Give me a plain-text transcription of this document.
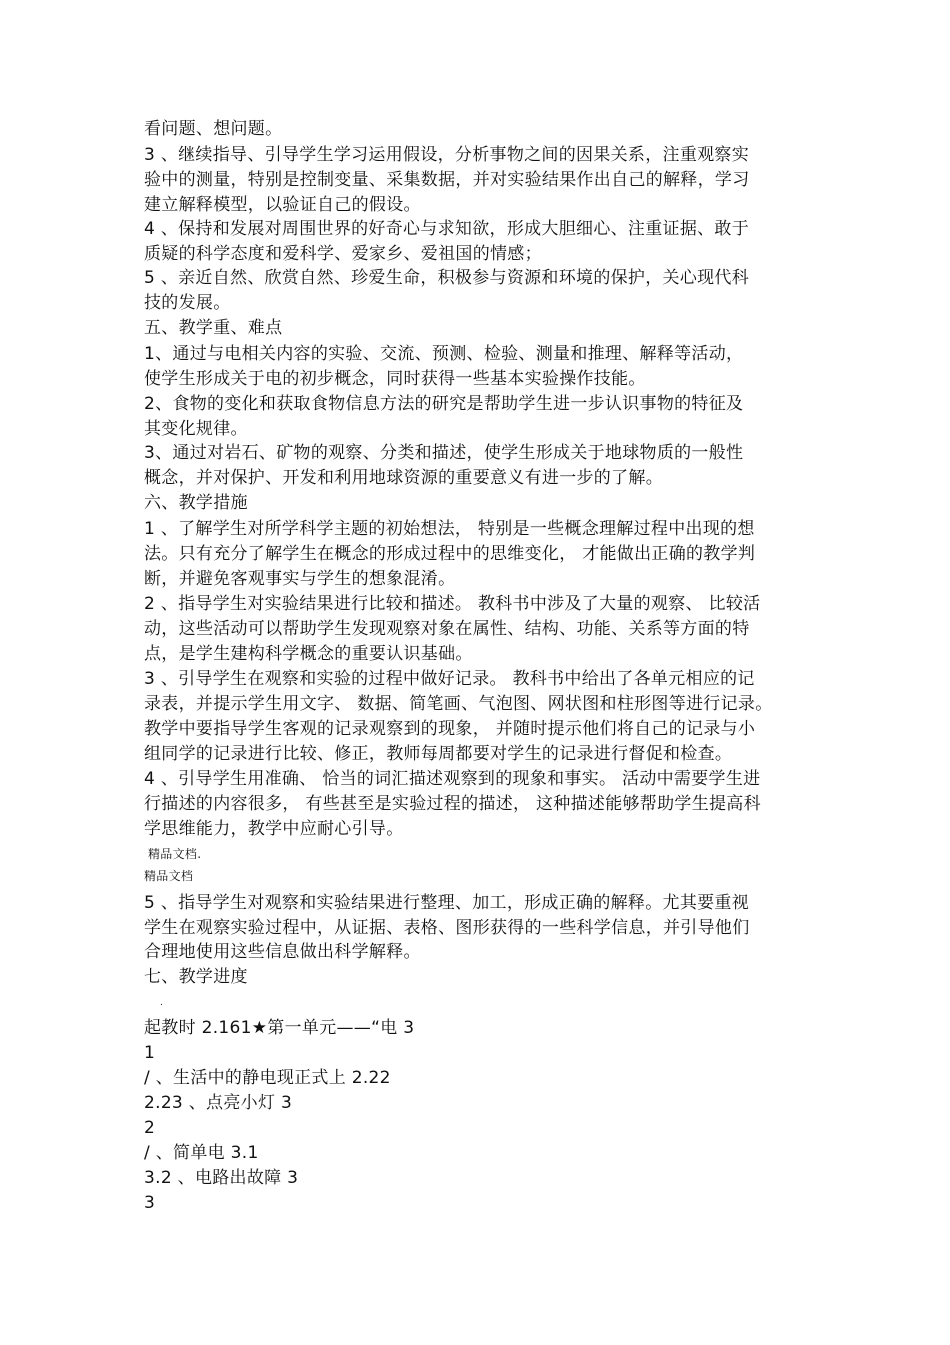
看问题、想问题。
3 、继续指导、引导学生学习运用假设，分析事物之间的因果关系，注重观察实
验中的测量，特别是控制变量、采集数据，并对实验结果作出自己的解释，学习
建立解释模型，以验证自己的假设。
4 、保持和发展对周围世界的好奇心与求知欲，形成大胆细心、注重证据、敢于
质疑的科学态度和爱科学、爱家乡、爱祖国的情感；
5 、亲近自然、欣赏自然、珍爱生命，积极参与资源和环境的保护，关心现代科
技的发展。
五、教学重、难点
1、通过与电相关内容的实验、交流、预测、检验、测量和推理、解释等活动，
使学生形成关于电的初步概念，同时获得一些基本实验操作技能。
2、食物的变化和获取食物信息方法的研究是帮助学生进一步认识事物的特征及
其变化规律。
3、通过对岩石、矿物的观察、分类和描述，使学生形成关于地球物质的一般性
概念，并对保护、开发和利用地球资源的重要意义有进一步的了解。
六、教学措施
1 、了解学生对所学科学主题的初始想法， 特别是一些概念理解过程中出现的想
法。只有充分了解学生在概念的形成过程中的思维变化， 才能做出正确的教学判
断，并避免客观事实与学生的想象混淆。
2 、指导学生对实验结果进行比较和描述。 教科书中涉及了大量的观察、 比较活
动，这些活动可以帮助学生发现观察对象在属性、结构、功能、关系等方面的特
点，是学生建构科学概念的重要认识基础。
3 、引导学生在观察和实验的过程中做好记录。 教科书中给出了各单元相应的记
录表，并提示学生用文字、 数据、简笔画、气泡图、网状图和柱形图等进行记录。
教学中要指导学生客观的记录观察到的现象， 并随时提示他们将自己的记录与小
组同学的记录进行比较、修正，教师每周都要对学生的记录进行督促和检查。
4 、引导学生用准确、 恰当的词汇描述观察到的现象和事实。 活动中需要学生进
行描述的内容很多， 有些甚至是实验过程的描述， 这种描述能够帮助学生提高科
学思维能力，教学中应耐心引导。
精品文档.
精品文档
5 、指导学生对观察和实验结果进行整理、加工，形成正确的解释。尤其要重视
学生在观察实验过程中，从证据、表格、图形获得的一些科学信息，并引导他们
合理地使用这些信息做出科学解释。
七、教学进度
.
起教时 2.161★第一单元——“电 3
1
/ 、生活中的静电现正式上 2.22
2.23 、点亮小灯 3
2
/ 、简单电 3.1
3.2 、电路出故障 3
3
